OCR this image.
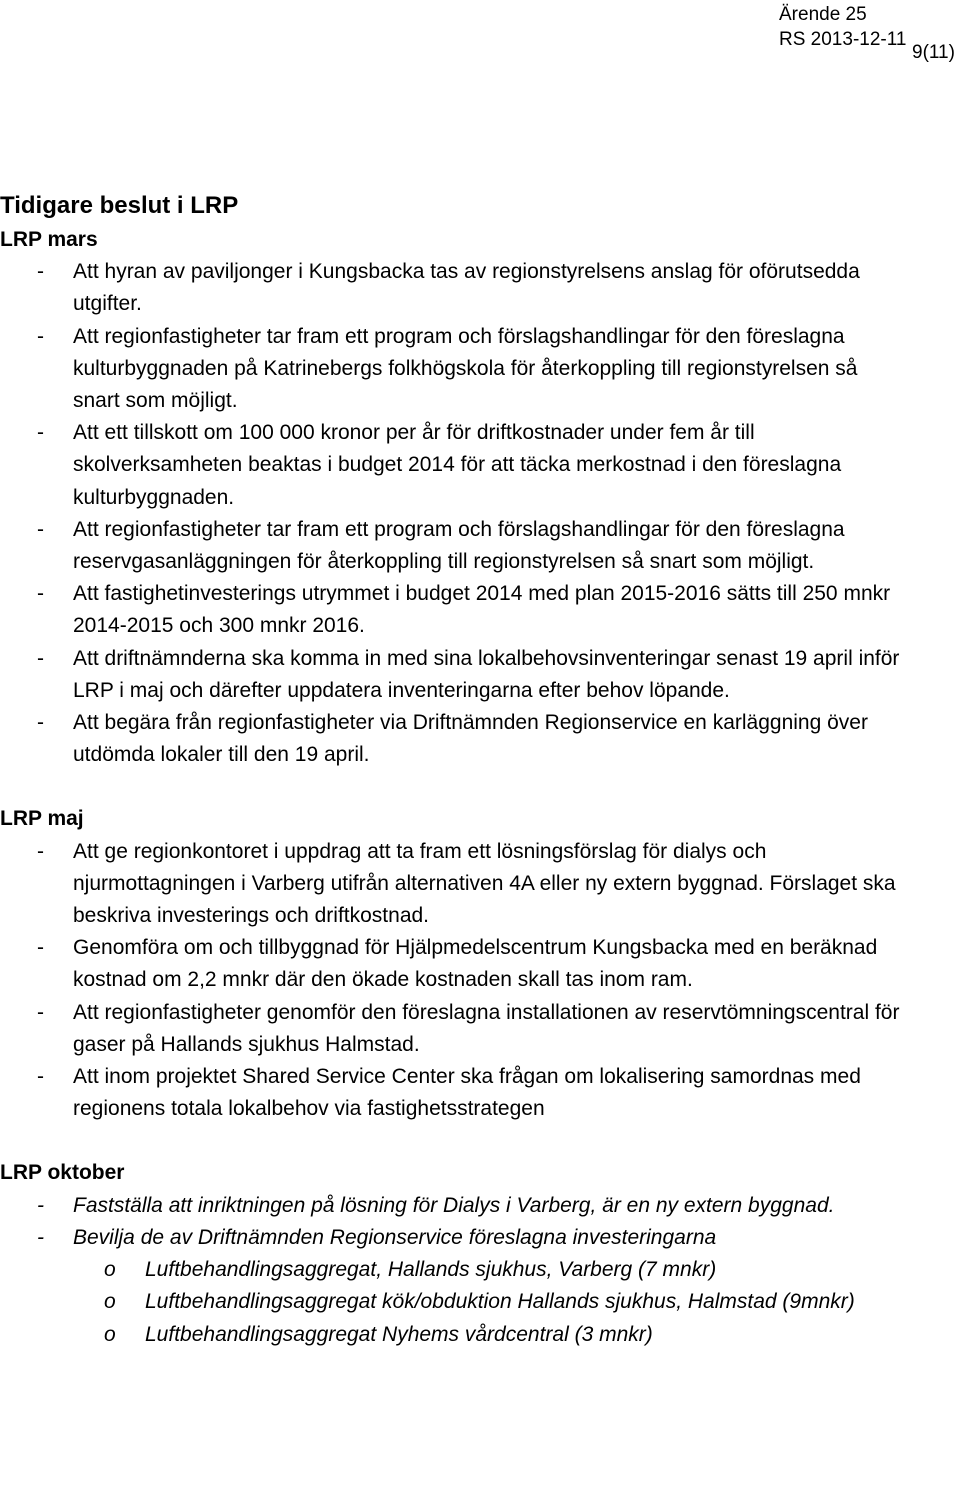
Ärende 25
RS 2013-12-11
9(11)
Tidigare beslut i LRP
LRP mars
- Att hyran av paviljonger i Kungsbacka tas av regionstyrelsens anslag för oförutsedda utgifter.
- Att regionfastigheter tar fram ett program och förslagshandlingar för den föreslagna kulturbyggnaden på Katrinebergs folkhögskola för återkoppling till regionstyrelsen så snart som möjligt.
- Att ett tillskott om 100 000 kronor per år för driftkostnader under fem år till skolverksamheten beaktas i budget 2014 för att täcka merkostnad i den föreslagna kulturbyggnaden.
- Att regionfastigheter tar fram ett program och förslagshandlingar för den föreslagna reservgasanläggningen för återkoppling till regionstyrelsen så snart som möjligt.
- Att fastighetinvesterings utrymmet i budget 2014 med plan 2015-2016 sätts till 250 mnkr 2014-2015 och 300 mnkr 2016.
- Att driftnämnderna ska komma in med sina lokalbehovsinventeringar senast 19 april inför LRP i maj och därefter uppdatera inventeringarna efter behov löpande.
- Att begära från regionfastigheter via Driftnämnden Regionservice en karläggning över utdömda lokaler till den 19 april.
LRP maj
- Att ge regionkontoret i uppdrag att ta fram ett lösningsförslag för dialys och njurmottagningen i Varberg utifrån alternativen 4A eller ny extern byggnad. Förslaget ska beskriva investerings och driftkostnad.
- Genomföra om och tillbyggnad för Hjälpmedelscentrum Kungsbacka med en beräknad kostnad om 2,2 mnkr där den ökade kostnaden skall tas inom ram.
- Att regionfastigheter genomför den föreslagna installationen av reservtömningscentral för gaser på Hallands sjukhus Halmstad.
- Att inom projektet Shared Service Center ska frågan om lokalisering samordnas med regionens totala lokalbehov via fastighetsstrategen
LRP oktober
- Fastställa att inriktningen på lösning för Dialys i Varberg, är en ny extern byggnad.
- Bevilja de av Driftnämnden Regionservice föreslagna investeringarna
o Luftbehandlingsaggregat, Hallands sjukhus, Varberg (7 mnkr)
o Luftbehandlingsaggregat kök/obduktion Hallands sjukhus, Halmstad (9mnkr)
o Luftbehandlingsaggregat Nyhems vårdcentral (3 mnkr)
